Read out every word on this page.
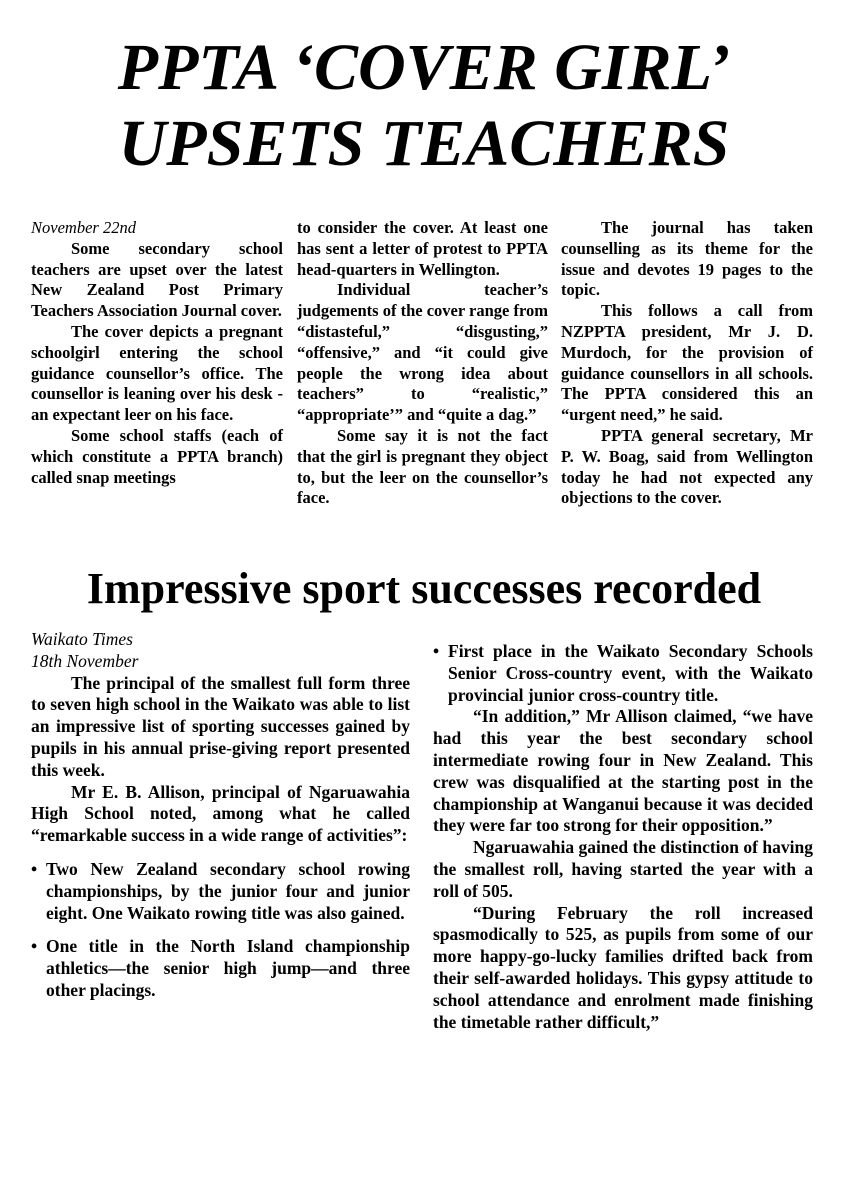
PPTA ‘COVER GIRL’
UPSETS TEACHERS
November 22nd

Some secondary school teachers are upset over the latest New Zealand Post Primary Teachers Association Journal cover.

The cover depicts a pregnant schoolgirl entering the school guidance counsellor’s office. The counsellor is leaning over his desk - an expectant leer on his face.

Some school staffs (each of which constitute a PPTA branch) called snap meetings

to consider the cover. At least one has sent a letter of protest to PPTA head-quarters in Wellington.

Individual teacher’s judgements of the cover range from “distasteful,” “disgusting,” “offensive,” and “it could give people the wrong idea about teachers” to “realistic,” “appropriate’” and “quite a dag.”

Some say it is not the fact that the girl is pregnant they object to, but the leer on the counsellor’s face.

The journal has taken counselling as its theme for the issue and devotes 19 pages to the topic.

This follows a call from NZPPTA president, Mr J. D. Murdoch, for the provision of guidance counsellors in all schools. The PPTA considered this an “urgent need,” he said.

PPTA general secretary, Mr P. W. Boag, said from Wellington today he had not expected any objections to the cover.

Impressive sport successes recorded
Waikato Times
18th November

The principal of the smallest full form three to seven high school in the Waikato was able to list an impressive list of sporting successes gained by pupils in his annual prise-giving report presented this week.

Mr E. B. Allison, principal of Ngaruawahia High School noted, among what he called “remarkable success in a wide range of activities”:

• Two New Zealand secondary school rowing championships, by the junior four and junior eight. One Waikato rowing title was also gained.

• One title in the North Island championship athletics—the senior high jump—and three other placings.

• First place in the Waikato Secondary Schools Senior Cross-country event, with the Waikato provincial junior cross-country title.

“In addition,” Mr Allison claimed, “we have had this year the best secondary school intermediate rowing four in New Zealand. This crew was disqualified at the starting post in the championship at Wanganui because it was decided they were far too strong for their opposition.”

Ngaruawahia gained the distinction of having the smallest roll, having started the year with a roll of 505.

“During February the roll increased spasmodically to 525, as pupils from some of our more happy-go-lucky families drifted back from their self-awarded holidays. This gypsy attitude to school attendance and enrolment made finishing the timetable rather difficult,”
